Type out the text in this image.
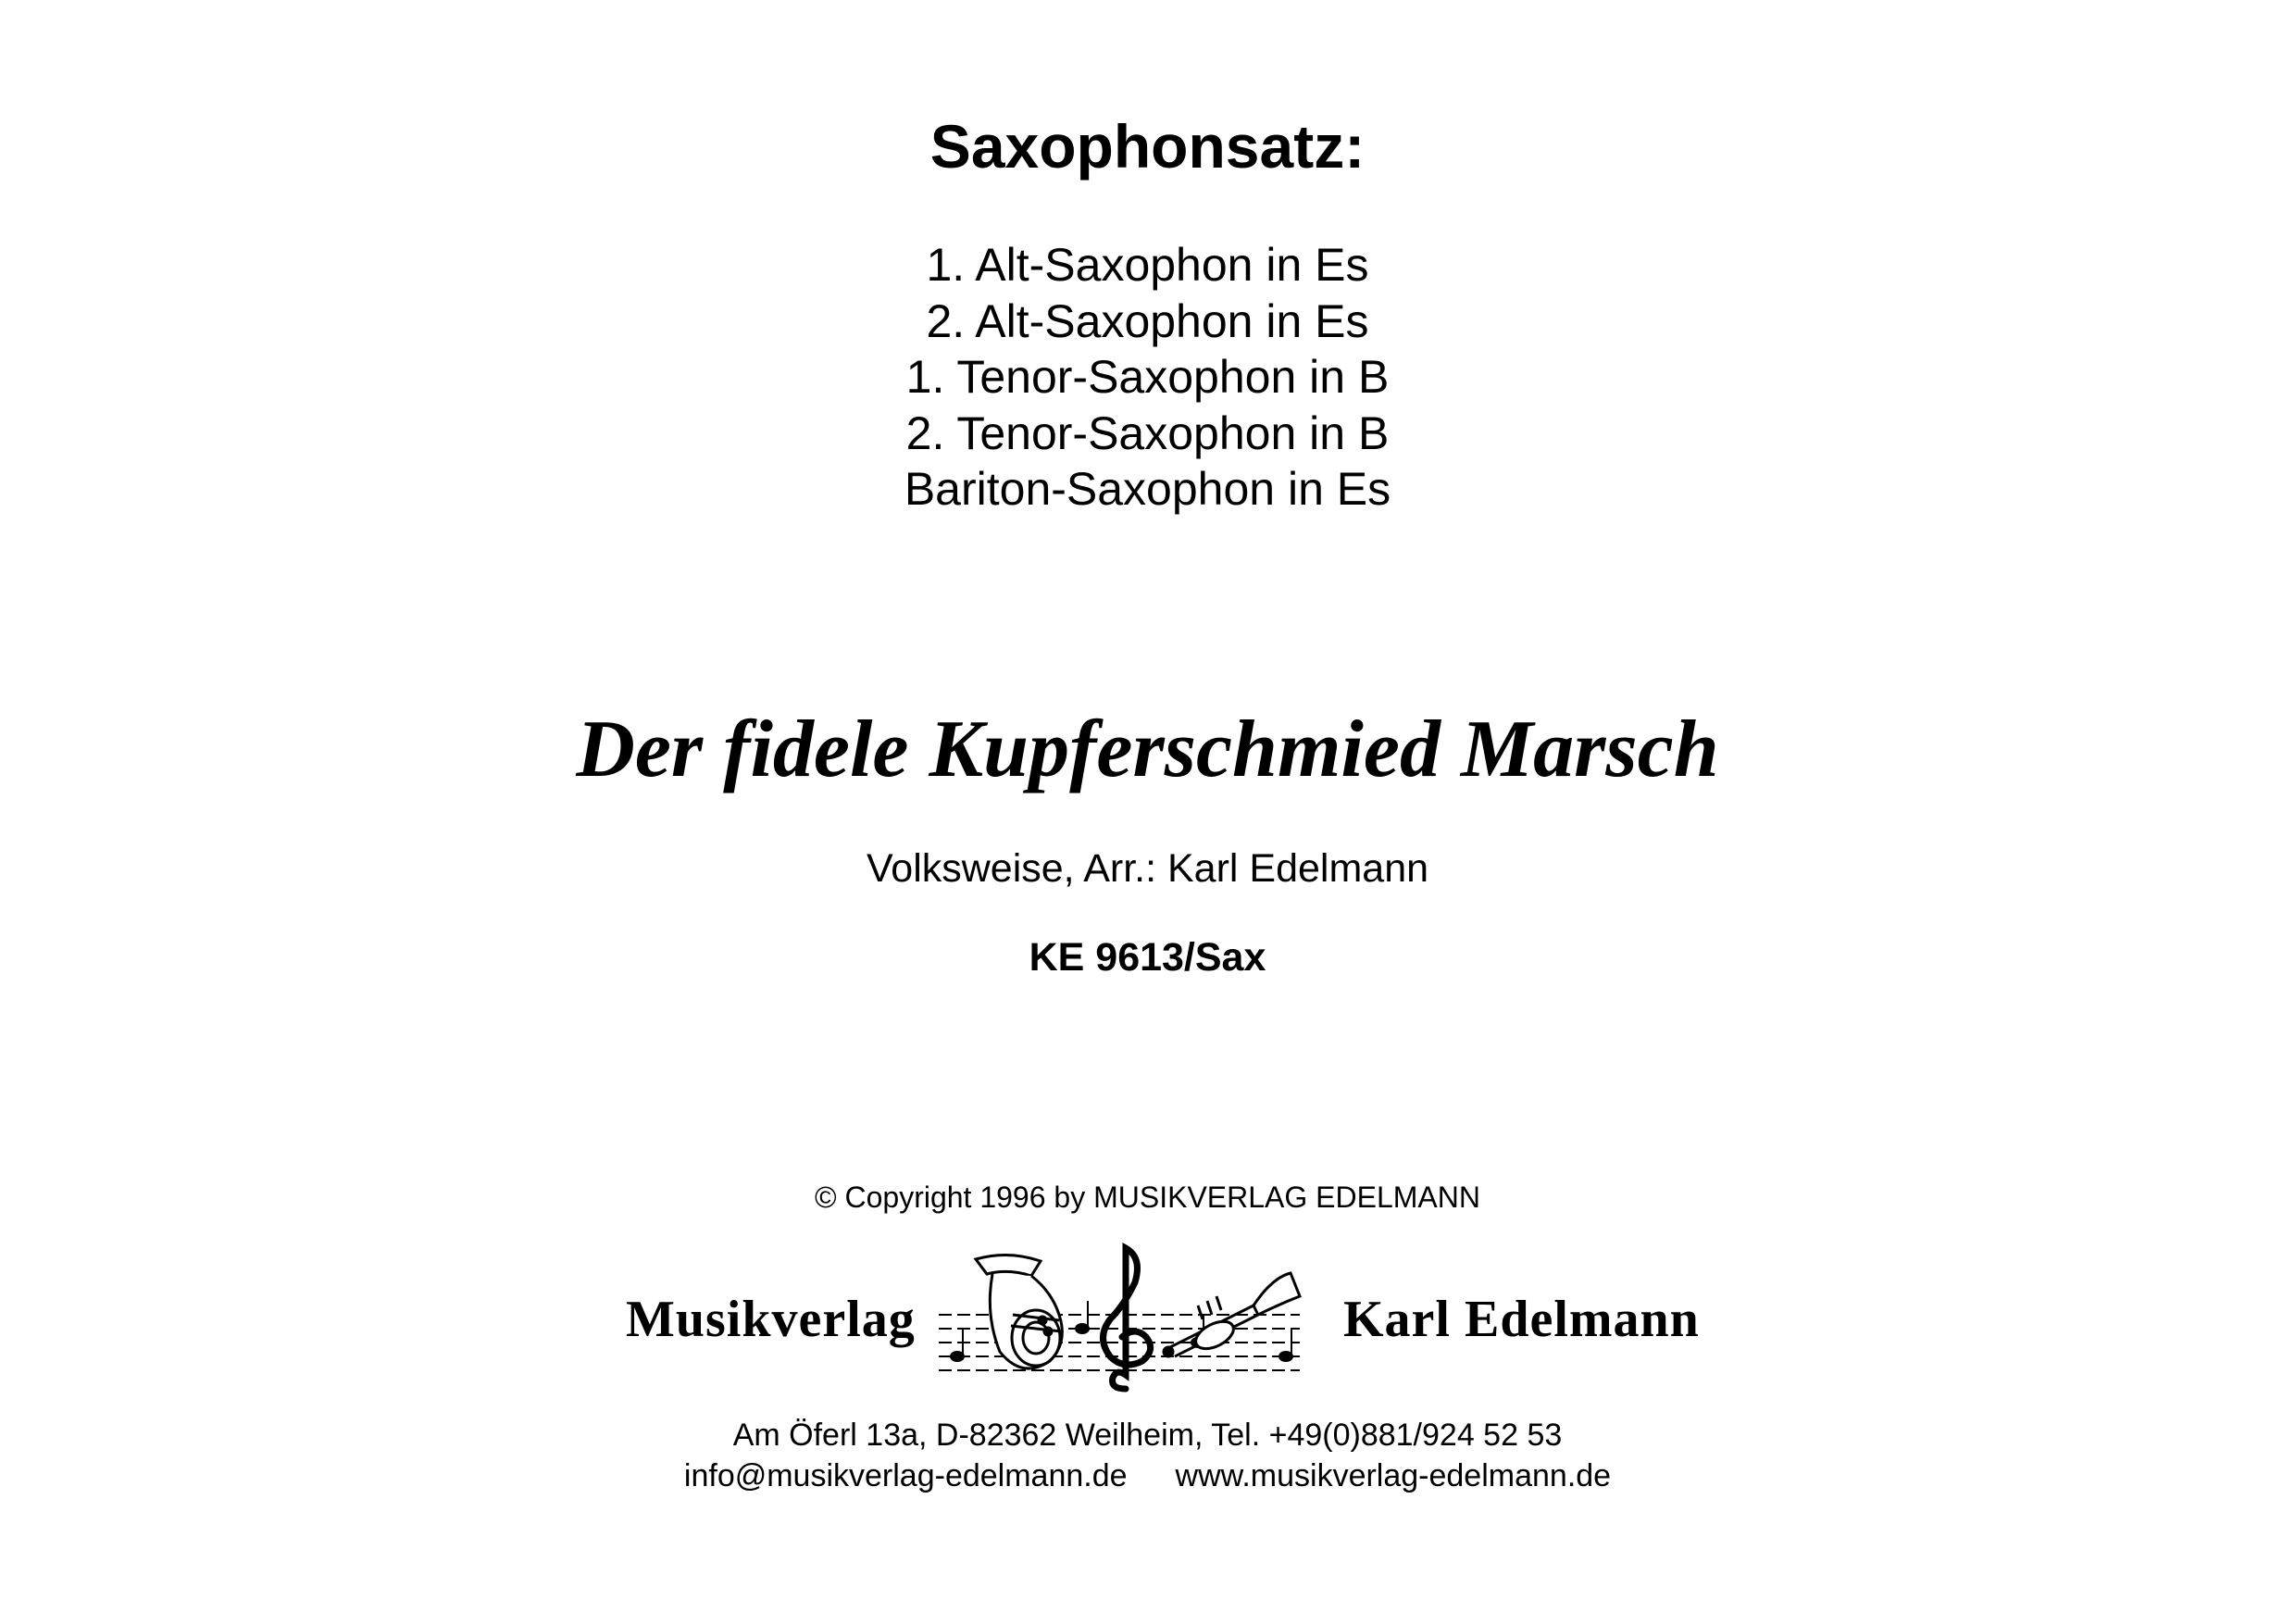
Saxophonsatz:
1. Alt-Saxophon in Es
2. Alt-Saxophon in Es
1. Tenor-Saxophon in B
2. Tenor-Saxophon in B
Bariton-Saxophon in Es
Der fidele Kupferschmied Marsch
Volksweise, Arr.: Karl Edelmann
KE 9613/Sax
© Copyright 1996 by MUSIKVERLAG EDELMANN
Musikverlag	Karl Edelmann
Am Öferl 13a, D-82362 Weilheim, Tel. +49(0)881/924 52 53
info@musikverlag-edelmann.de www.musikverlag-edelmann.de
